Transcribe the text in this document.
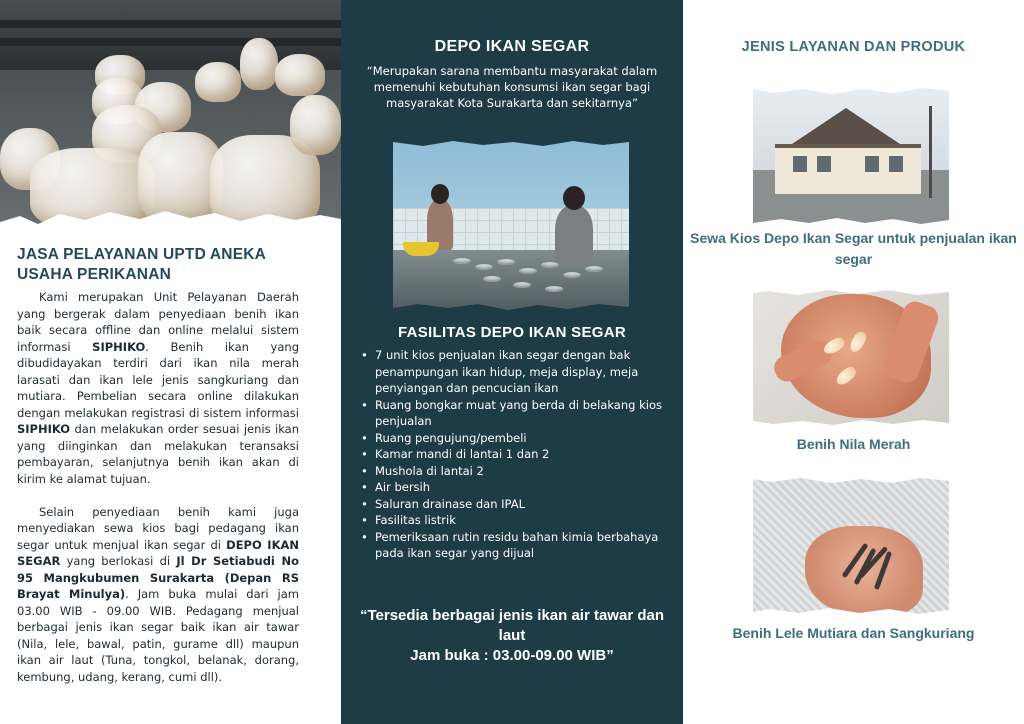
JASA PELAYANAN UPTD ANEKA USAHA PERIKANAN

Kami merupakan Unit Pelayanan Daerah yang bergerak dalam penyediaan benih ikan baik secara offline dan online melalui sistem informasi SIPHIKO. Benih ikan yang dibudidayakan terdiri dari ikan nila merah larasati dan ikan lele jenis sangkuriang dan mutiara. Pembelian secara online dilakukan dengan melakukan registrasi di sistem informasi SIPHIKO dan melakukan order sesuai jenis ikan yang diinginkan dan melakukan teransaksi pembayaran, selanjutnya benih ikan akan di kirim ke alamat tujuan.

Selain penyediaan benih kami juga menyediakan sewa kios bagi pedagang ikan segar untuk menjual ikan segar di DEPO IKAN SEGAR yang berlokasi di Jl Dr Setiabudi No 95 Mangkubumen Surakarta (Depan RS Brayat Minulya). Jam buka mulai dari jam 03.00 WIB - 09.00 WIB. Pedagang menjual berbagai jenis ikan segar baik ikan air tawar (Nila, lele, bawal, patin, gurame dll) maupun ikan air laut (Tuna, tongkol, belanak, dorang, kembung, udang, kerang, cumi dll).

DEPO IKAN SEGAR

“Merupakan sarana membantu masyarakat dalam memenuhi kebutuhan konsumsi ikan segar bagi masyarakat Kota Surakarta dan sekitarnya”

FASILITAS DEPO IKAN SEGAR
• 7 unit kios penjualan ikan segar dengan bak penampungan ikan hidup, meja display, meja penyiangan dan pencucian ikan
• Ruang bongkar muat yang berda di belakang kios penjualan
• Ruang pengujung/pembeli
• Kamar mandi di lantai 1 dan 2
• Mushola di lantai 2
• Air bersih
• Saluran drainase dan IPAL
• Fasilitas listrik
• Pemeriksaan rutin residu bahan kimia berbahaya pada ikan segar yang dijual
“Tersedia berbagai jenis ikan air tawar dan laut
Jam buka : 03.00-09.00 WIB”
JENIS LAYANAN DAN PRODUK
Sewa Kios Depo Ikan Segar untuk penjualan ikan segar
Benih Nila Merah
Benih Lele Mutiara dan Sangkuriang
